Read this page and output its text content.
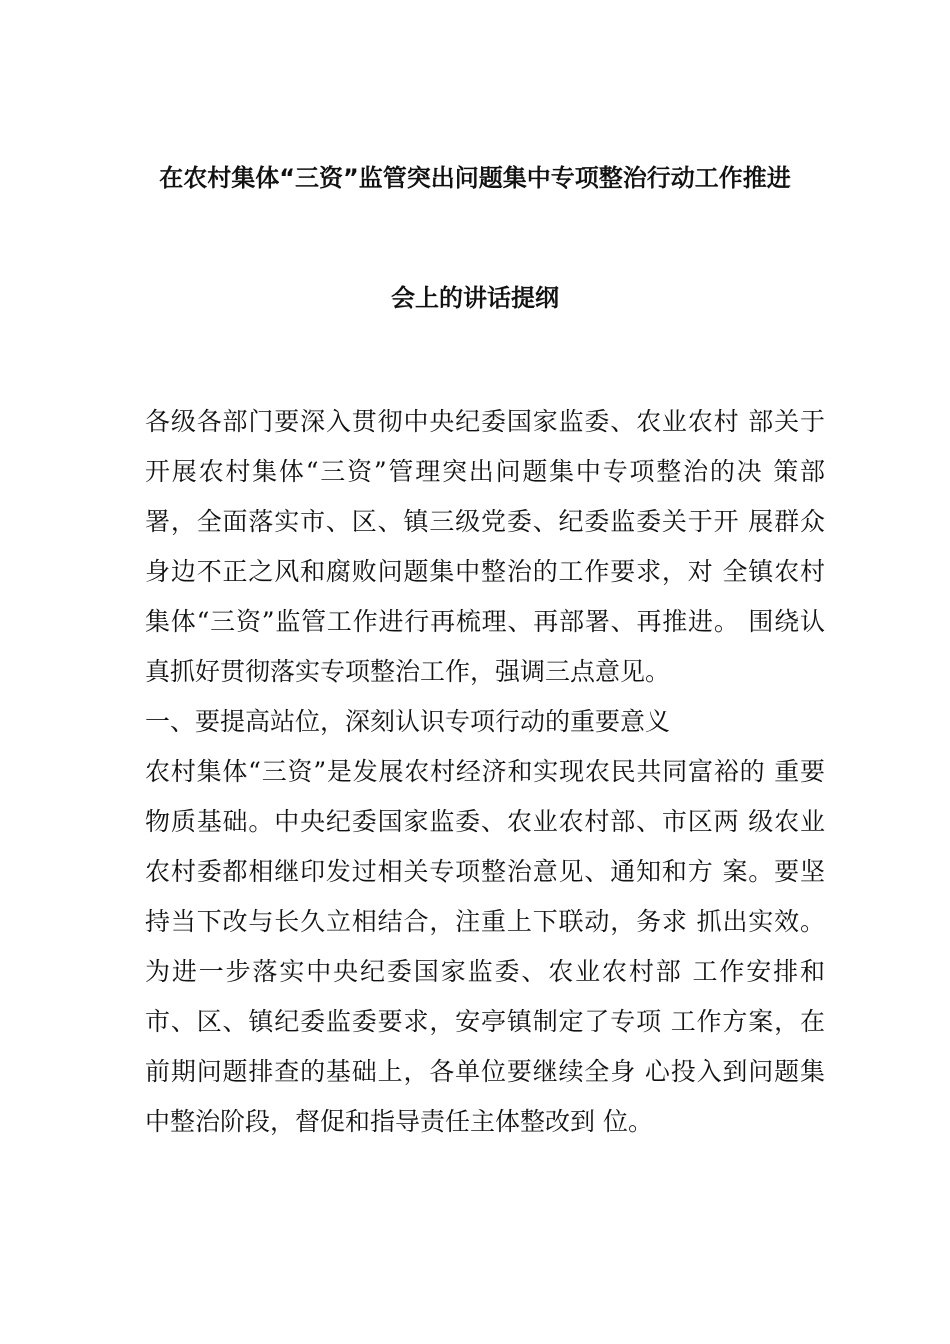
在农村集体“三资”监管突出问题集中专项整治行动工作推进
会上的讲话提纲
各级各部门要深入贯彻中央纪委国家监委、农业农村 部关于开展农村集体“三资”管理突出问题集中专项整治的决 策部署，全面落实市、区、镇三级党委、纪委监委关于开 展群众身边不正之风和腐败问题集中整治的工作要求，对 全镇农村集体“三资”监管工作进行再梳理、再部署、再推进。 围绕认真抓好贯彻落实专项整治工作，强调三点意见。
一、要提高站位，深刻认识专项行动的重要意义
农村集体“三资”是发展农村经济和实现农民共同富裕的 重要物质基础。中央纪委国家监委、农业农村部、市区两 级农业农村委都相继印发过相关专项整治意见、通知和方 案。要坚持当下改与长久立相结合，注重上下联动，务求 抓出实效。为进一步落实中央纪委国家监委、农业农村部 工作安排和市、区、镇纪委监委要求，安亭镇制定了专项 工作方案，在前期问题排查的基础上，各单位要继续全身 心投入到问题集中整治阶段，督促和指导责任主体整改到 位。
